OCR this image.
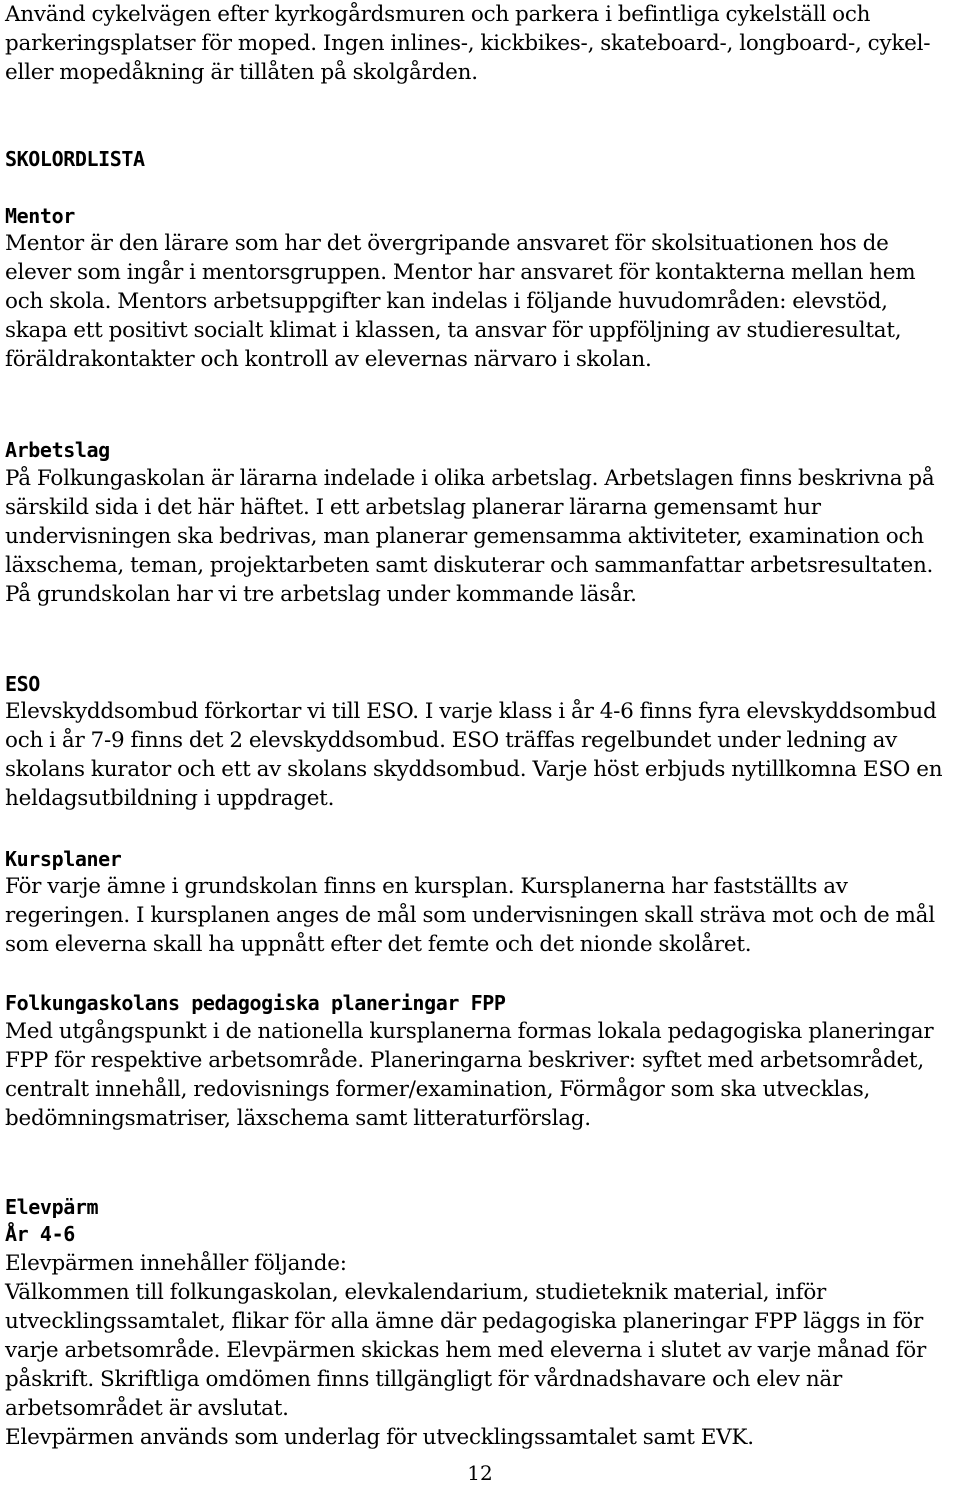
Använd cykelvägen efter kyrkogårdsmuren och parkera i befintliga cykelställ och parkeringsplatser för moped. Ingen inlines-, kickbikes-, skateboard-, longboard-, cykel- eller mopedåkning är tillåten på skolgården.

SKOLORDLISTA
Mentor

Mentor är den lärare som har det övergripande ansvaret för skolsituationen hos de elever som ingår i mentorsgruppen. Mentor har ansvaret för kontakterna mellan hem och skola. Mentors arbetsuppgifter kan indelas i följande huvudområden: elevstöd, skapa ett positivt socialt klimat i klassen, ta ansvar för uppföljning av studieresultat, föräldrakontakter och kontroll av elevernas närvaro i skolan.

Arbetslag

På Folkungaskolan är lärarna indelade i olika arbetslag. Arbetslagen finns beskrivna på särskild sida i det här häftet. I ett arbetslag planerar lärarna gemensamt hur undervisningen ska bedrivas, man planerar gemensamma aktiviteter, examination och läxschema, teman, projektarbeten samt diskuterar och sammanfattar arbetsresultaten. På grundskolan har vi tre arbetslag under kommande läsår.

ESO

Elevskyddsombud förkortar vi till ESO. I varje klass i år 4-6 finns fyra elevskyddsombud och i år 7-9 finns det 2 elevskyddsombud. ESO träffas regelbundet under ledning av skolans kurator och ett av skolans skyddsombud. Varje höst erbjuds nytillkomna ESO en heldagsutbildning i uppdraget.

Kursplaner

För varje ämne i grundskolan finns en kursplan. Kursplanerna har fastställts av regeringen. I kursplanen anges de mål som undervisningen skall sträva mot och de mål som eleverna skall ha uppnått efter det femte och det nionde skolåret.

Folkungaskolans pedagogiska planeringar FPP

Med utgångspunkt i de nationella kursplanerna formas lokala pedagogiska planeringar FPP för respektive arbetsområde. Planeringarna beskriver: syftet med arbetsområdet, centralt innehåll, redovisnings former/examination, Förmågor som ska utvecklas, bedömningsmatriser, läxschema samt litteraturförslag.

Elevpärm
År 4-6

Elevpärmen innehåller följande:
Välkommen till folkungaskolan, elevkalendarium, studieteknik material, inför utvecklingssamtalet, flikar för alla ämne där pedagogiska planeringar FPP läggs in för varje arbetsområde. Elevpärmen skickas hem med eleverna i slutet av varje månad för påskrift. Skriftliga omdömen finns tillgängligt för vårdnadshavare och elev när arbetsområdet är avslutat.
Elevpärmen används som underlag för utvecklingssamtalet samt EVK.

12
